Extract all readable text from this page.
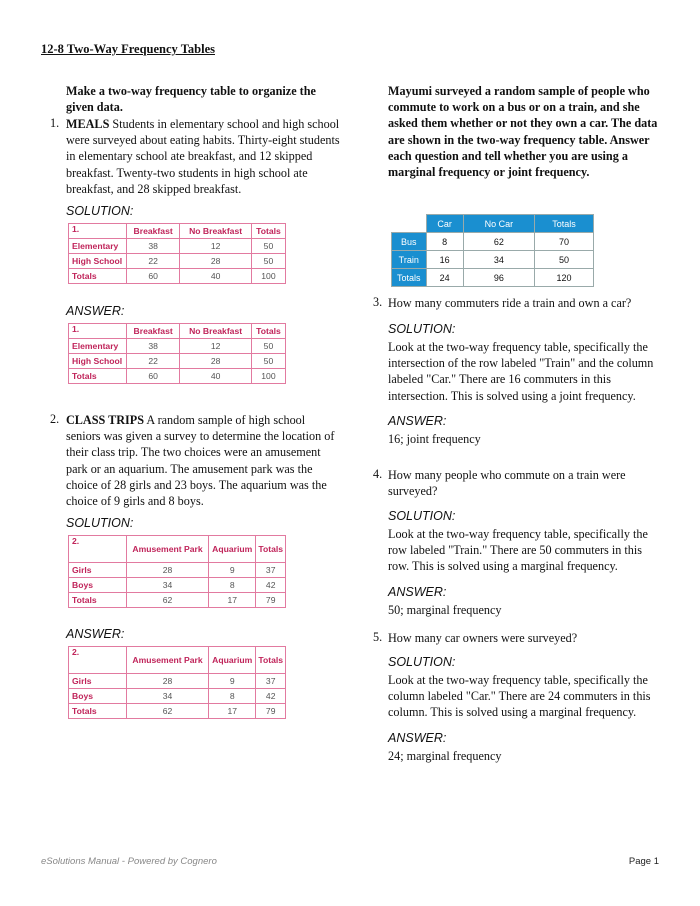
12-8 Two-Way Frequency Tables
Make a two-way frequency table to organize the given data.
1. MEALS Students in elementary school and high school were surveyed about eating habits. Thirty-eight students in elementary school ate breakfast, and 12 skipped breakfast. Twenty-two students in high school ate breakfast, and 28 skipped breakfast.
SOLUTION:
1.	Breakfast	No Breakfast	Totals
Elementary	38	12	50
High School	22	28	50
Totals	60	40	100
ANSWER:
1.	Breakfast	No Breakfast	Totals
Elementary	38	12	50
High School	22	28	50
Totals	60	40	100
2. CLASS TRIPS A random sample of high school seniors was given a survey to determine the location of their class trip. The two choices were an amusement park or an aquarium. The amusement park was the choice of 28 girls and 23 boys. The aquarium was the choice of 9 girls and 8 boys.
SOLUTION:
2.	Amusement Park	Aquarium	Totals
Girls	28	9	37
Boys	34	8	42
Totals	62	17	79
ANSWER:
2.	Amusement Park	Aquarium	Totals
Girls	28	9	37
Boys	34	8	42
Totals	62	17	79
Mayumi surveyed a random sample of people who commute to work on a bus or on a train, and she asked them whether or not they own a car. The data are shown in the two-way frequency table. Answer each question and tell whether you are using a marginal frequency or joint frequency.
	Car	No Car	Totals
Bus	8	62	70
Train	16	34	50
Totals	24	96	120
3. How many commuters ride a train and own a car?
SOLUTION:
Look at the two-way frequency table, specifically the intersection of the row labeled "Train" and the column labeled "Car." There are 16 commuters in this intersection. This is solved using a joint frequency.
ANSWER:
16; joint frequency
4. How many people who commute on a train were surveyed?
SOLUTION:
Look at the two-way frequency table, specifically the row labeled "Train." There are 50 commuters in this row. This is solved using a marginal frequency.
ANSWER:
50; marginal frequency
5. How many car owners were surveyed?
SOLUTION:
Look at the two-way frequency table, specifically the column labeled "Car." There are 24 commuters in this column. This is solved using a marginal frequency.
ANSWER:
24; marginal frequency
eSolutions Manual - Powered by Cognero	Page 1
